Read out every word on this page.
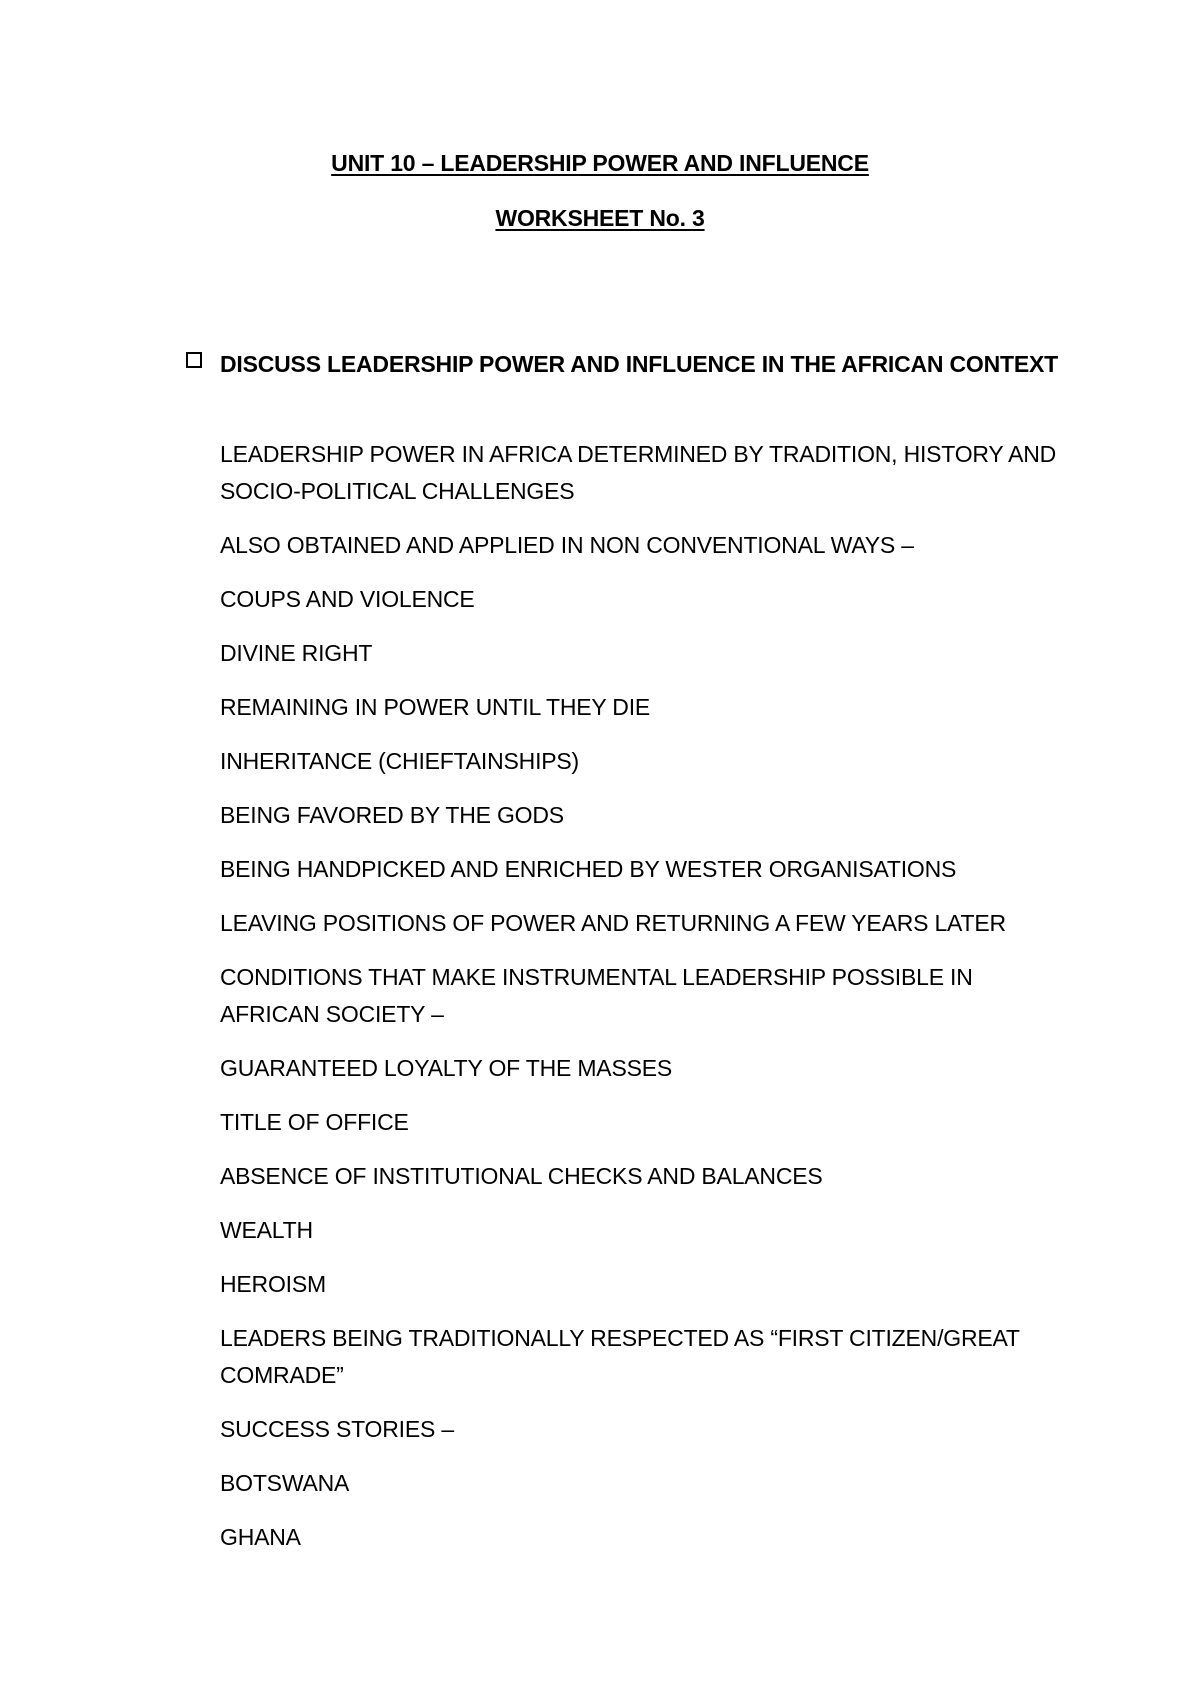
UNIT 10 – LEADERSHIP POWER AND INFLUENCE
WORKSHEET No. 3
DISCUSS LEADERSHIP POWER AND INFLUENCE IN THE AFRICAN CONTEXT
LEADERSHIP POWER IN AFRICA DETERMINED BY TRADITION, HISTORY AND SOCIO-POLITICAL CHALLENGES
ALSO OBTAINED AND APPLIED IN NON CONVENTIONAL WAYS –
COUPS AND VIOLENCE
DIVINE RIGHT
REMAINING IN POWER UNTIL THEY DIE
INHERITANCE (CHIEFTAINSHIPS)
BEING FAVORED BY THE GODS
BEING HANDPICKED AND ENRICHED BY WESTER ORGANISATIONS
LEAVING POSITIONS OF POWER AND RETURNING A FEW YEARS LATER
CONDITIONS THAT MAKE INSTRUMENTAL LEADERSHIP POSSIBLE IN AFRICAN SOCIETY –
GUARANTEED LOYALTY OF THE MASSES
TITLE OF OFFICE
ABSENCE OF INSTITUTIONAL CHECKS AND BALANCES
WEALTH
HEROISM
LEADERS BEING TRADITIONALLY RESPECTED AS “FIRST CITIZEN/GREAT COMRADE”
SUCCESS STORIES –
BOTSWANA
GHANA
